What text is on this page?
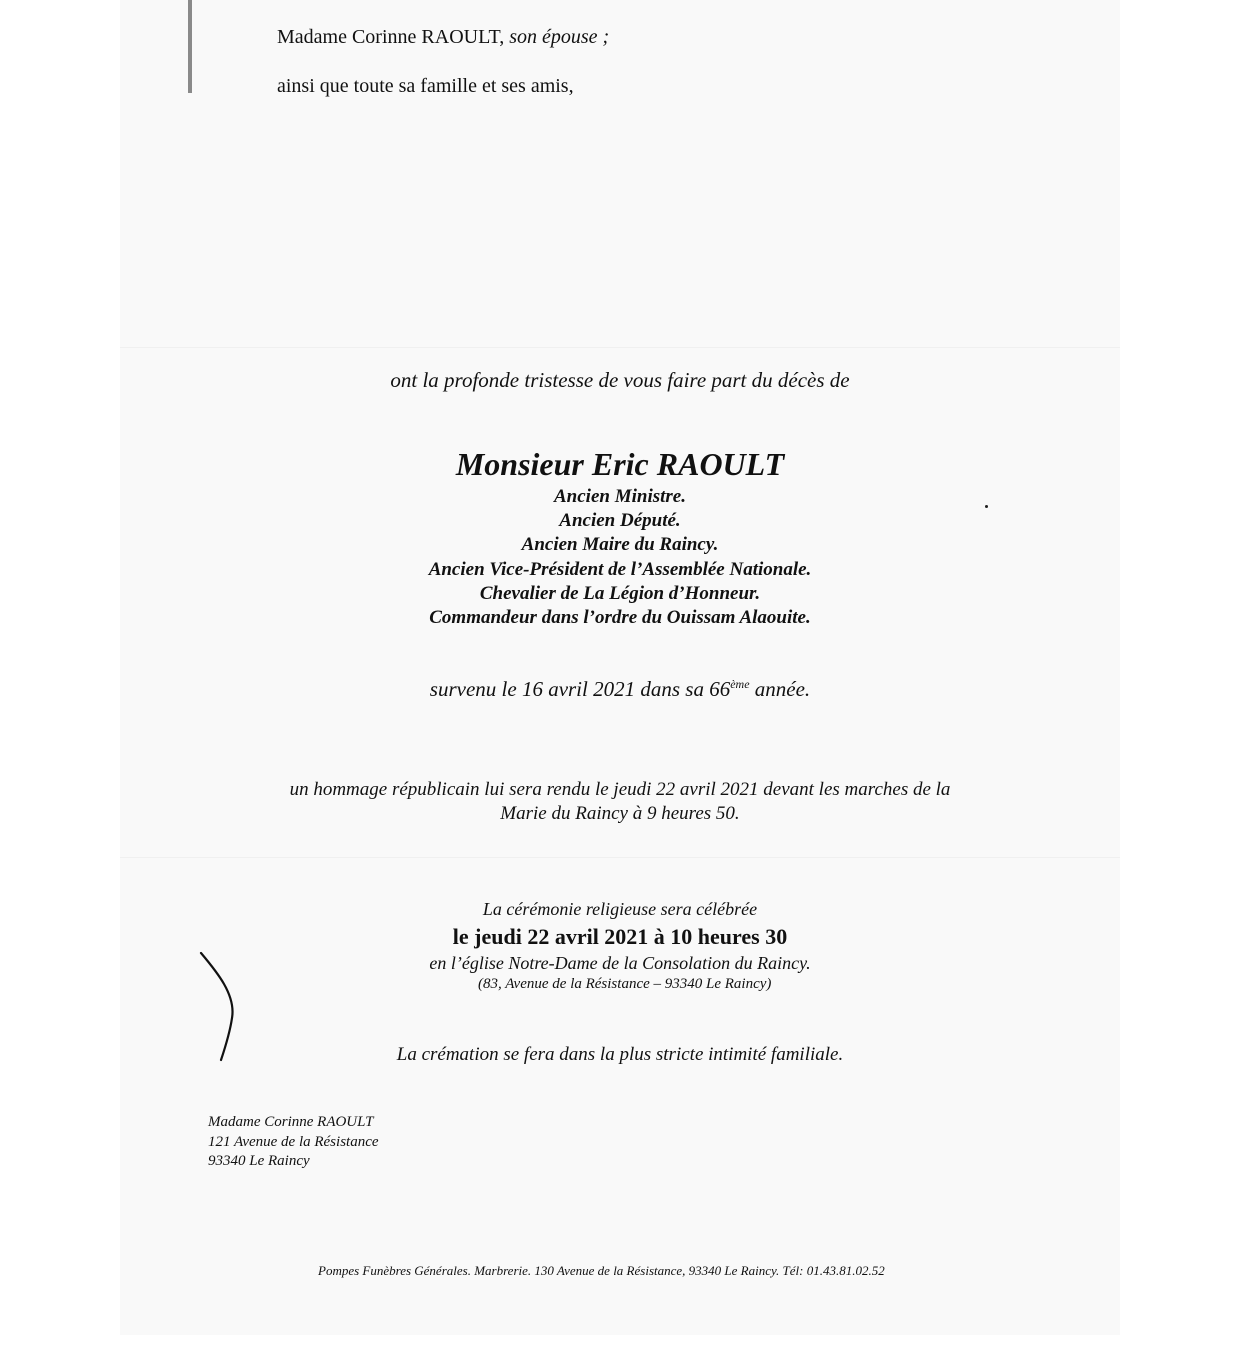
Madame Corinne RAOULT, son épouse ;
ainsi que toute sa famille et ses amis,
ont la profonde tristesse de vous faire part du décès de
Monsieur Eric RAOULT
Ancien Ministre.
Ancien Député.
Ancien Maire du Raincy.
Ancien Vice-Président de l’Assemblée Nationale.
Chevalier de La Légion d’Honneur.
Commandeur dans l’ordre du Ouissam Alaouite.
survenu le 16 avril 2021 dans sa 66ème année.
un hommage républicain lui sera rendu le jeudi 22 avril 2021 devant les marches de la
Marie du Raincy à 9 heures 50.
La cérémonie religieuse sera célébrée
le jeudi 22 avril 2021 à 10 heures 30
en l’église Notre-Dame de la Consolation du Raincy.
(83, Avenue de la Résistance – 93340 Le Raincy)
La crémation se fera dans la plus stricte intimité familiale.
Madame Corinne RAOULT
121 Avenue de la Résistance
93340 Le Raincy
Pompes Funèbres Générales. Marbrerie. 130 Avenue de la Résistance, 93340 Le Raincy. Tél: 01.43.81.02.52
